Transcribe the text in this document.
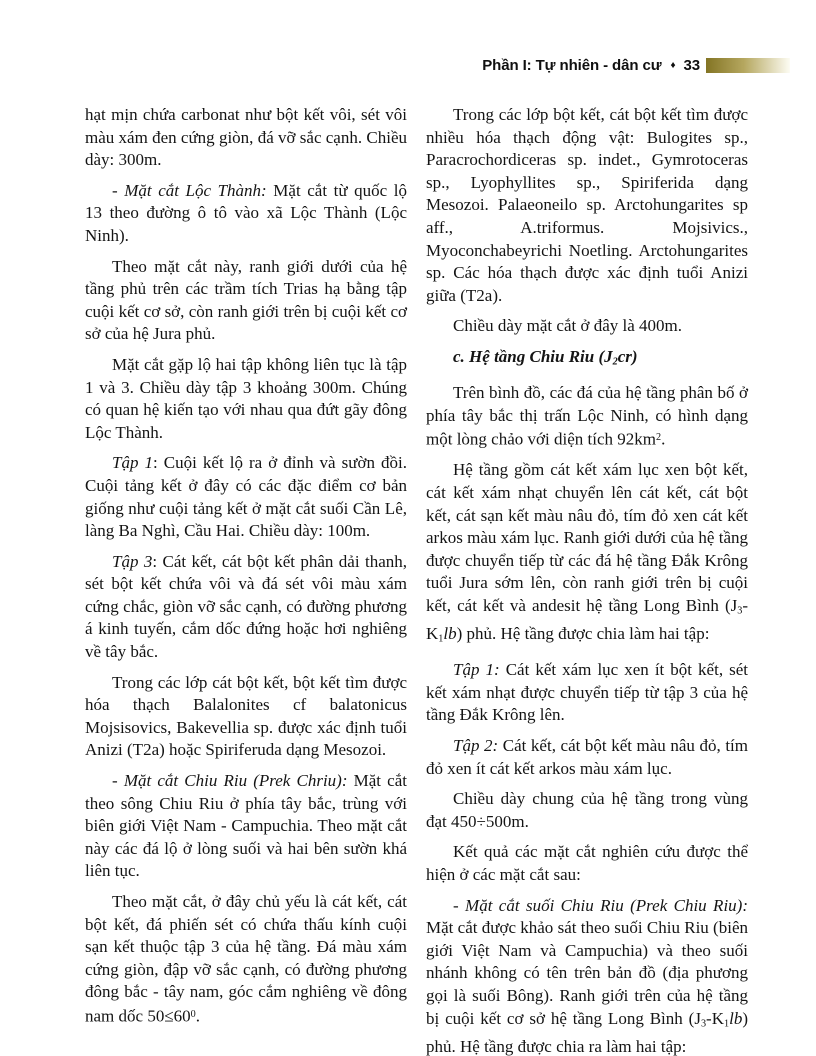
Phần I: Tự nhiên - dân cư ♦ 33

hạt mịn chứa carbonat như bột kết vôi, sét vôi màu xám đen cứng giòn, đá vỡ sắc cạnh. Chiều dày: 300m.

- Mặt cắt Lộc Thành: Mặt cắt từ quốc lộ 13 theo đường ô tô vào xã Lộc Thành (Lộc Ninh).

Theo mặt cắt này, ranh giới dưới của hệ tầng phủ trên các trầm tích Trias hạ bằng tập cuội kết cơ sở, còn ranh giới trên bị cuội kết cơ sở của hệ Jura phủ.

Mặt cắt gặp lộ hai tập không liên tục là tập 1 và 3. Chiều dày tập 3 khoảng 300m. Chúng có quan hệ kiến tạo với nhau qua đứt gãy đông Lộc Thành.

Tập 1: Cuội kết lộ ra ở đỉnh và sườn đồi. Cuội tảng kết ở đây có các đặc điểm cơ bản giống như cuội tảng kết ở mặt cắt suối Cần Lê, làng Ba Nghì, Cầu Hai. Chiều dày: 100m.

Tập 3: Cát kết, cát bột kết phân dải thanh, sét bột kết chứa vôi và đá sét vôi màu xám cứng chắc, giòn vỡ sắc cạnh, có đường phương á kinh tuyến, cắm dốc đứng hoặc hơi nghiêng về tây bắc.

Trong các lớp cát bột kết, bột kết tìm được hóa thạch Balalonites cf balatonicus Mojsisovics, Bakevellia sp. được xác định tuổi Anizi (T2a) hoặc Spiriferuda dạng Mesozoi.

- Mặt cắt Chiu Riu (Prek Chriu): Mặt cắt theo sông Chiu Riu ở phía tây bắc, trùng với biên giới Việt Nam - Campuchia. Theo mặt cắt này các đá lộ ở lòng suối và hai bên sườn khá liên tục.

Theo mặt cắt, ở đây chủ yếu là cát kết, cát bột kết, đá phiến sét có chứa thấu kính cuội sạn kết thuộc tập 3 của hệ tầng. Đá màu xám cứng giòn, đập vỡ sắc cạnh, có đường phương đông bắc - tây nam, góc cắm nghiêng về đông nam dốc $50\le 60^0$.

Trong các lớp bột kết, cát bột kết tìm được nhiều hóa thạch động vật: Bulogites sp., Paracrochordiceras sp. indet., Gymrotoceras sp., Lyophyllites sp., Spiriferida dạng Mesozoi. Palaeoneilo sp. Arctohungarites sp aff., A.triformus. Mojsivics., Myoconchabeyrichi Noetling. Arctohungarites sp. Các hóa thạch được xác định tuổi Anizi giữa (T2a).

Chiều dày mặt cắt ở đây là 400m.

c. Hệ tầng Chiu Riu (J2cr)

Trên bình đồ, các đá của hệ tầng phân bố ở phía tây bắc thị trấn Lộc Ninh, có hình dạng một lòng chảo với diện tích $92km^2$.

Hệ tầng gồm cát kết xám lục xen bột kết, cát kết xám nhạt chuyển lên cát kết, cát bột kết, cát sạn kết màu nâu đỏ, tím đỏ xen cát kết arkos màu xám lục. Ranh giới dưới của hệ tầng được chuyển tiếp từ các đá hệ tầng Đắk Krông tuổi Jura sớm lên, còn ranh giới trên bị cuội kết, cát kết và andesit hệ tầng Long Bình (J3-K1lb) phủ. Hệ tầng được chia làm hai tập:

Tập 1: Cát kết xám lục xen ít bột kết, sét kết xám nhạt được chuyển tiếp từ tập 3 của hệ tầng Đắk Krông lên.

Tập 2: Cát kết, cát bột kết màu nâu đỏ, tím đỏ xen ít cát kết arkos màu xám lục.

Chiều dày chung của hệ tầng trong vùng đạt 450÷500m.

Kết quả các mặt cắt nghiên cứu được thể hiện ở các mặt cắt sau:

- Mặt cắt suối Chiu Riu (Prek Chiu Riu): Mặt cắt được khảo sát theo suối Chiu Riu (biên giới Việt Nam và Campuchia) và theo suối nhánh không có tên trên bản đồ (địa phương gọi là suối Bông). Ranh giới trên của hệ tầng bị cuội kết cơ sở hệ tầng Long Bình (J3-K1lb) phủ. Hệ tầng được chia ra làm hai tập:
